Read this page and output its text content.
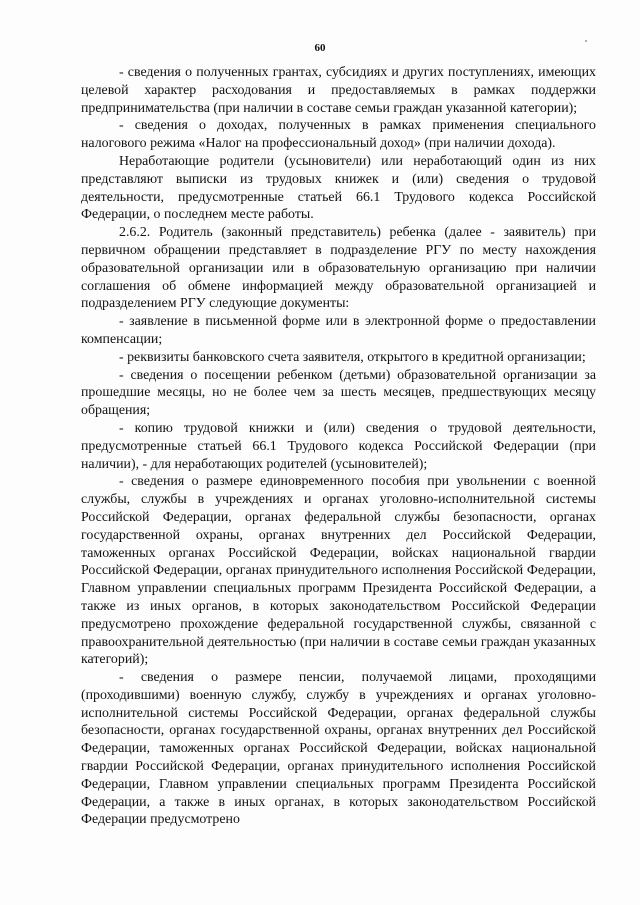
60

- сведения о полученных грантах, субсидиях и других поступлениях, имеющих целевой характер расходования и предоставляемых в рамках поддержки предпринимательства (при наличии в составе семьи граждан указанной категории);

- сведения о доходах, полученных в рамках применения специального налогового режима «Налог на профессиональный доход» (при наличии дохода).

Неработающие родители (усыновители) или неработающий один из них представляют выписки из трудовых книжек и (или) сведения о трудовой деятельности, предусмотренные статьей 66.1 Трудового кодекса Российской Федерации, о последнем месте работы.

2.6.2. Родитель (законный представитель) ребенка (далее - заявитель) при первичном обращении представляет в подразделение РГУ по месту нахождения образовательной организации или в образовательную организацию при наличии соглашения об обмене информацией между образовательной организацией и подразделением РГУ следующие документы:

- заявление в письменной форме или в электронной форме о предоставлении компенсации;

- реквизиты банковского счета заявителя, открытого в кредитной организации;

- сведения о посещении ребенком (детьми) образовательной организации за прошедшие месяцы, но не более чем за шесть месяцев, предшествующих месяцу обращения;

- копию трудовой книжки и (или) сведения о трудовой деятельности, предусмотренные статьей 66.1 Трудового кодекса Российской Федерации (при наличии), - для неработающих родителей (усыновителей);

- сведения о размере единовременного пособия при увольнении с военной службы, службы в учреждениях и органах уголовно-исполнительной системы Российской Федерации, органах федеральной службы безопасности, органах государственной охраны, органах внутренних дел Российской Федерации, таможенных органах Российской Федерации, войсках национальной гвардии Российской Федерации, органах принудительного исполнения Российской Федерации, Главном управлении специальных программ Президента Российской Федерации, а также из иных органов, в которых законодательством Российской Федерации предусмотрено прохождение федеральной государственной службы, связанной с правоохранительной деятельностью (при наличии в составе семьи граждан указанных категорий);

- сведения о размере пенсии, получаемой лицами, проходящими (проходившими) военную службу, службу в учреждениях и органах уголовно-исполнительной системы Российской Федерации, органах федеральной службы безопасности, органах государственной охраны, органах внутренних дел Российской Федерации, таможенных органах Российской Федерации, войсках национальной гвардии Российской Федерации, органах принудительного исполнения Российской Федерации, Главном управлении специальных программ Президента Российской Федерации, а также в иных органах, в которых законодательством Российской Федерации предусмотрено
